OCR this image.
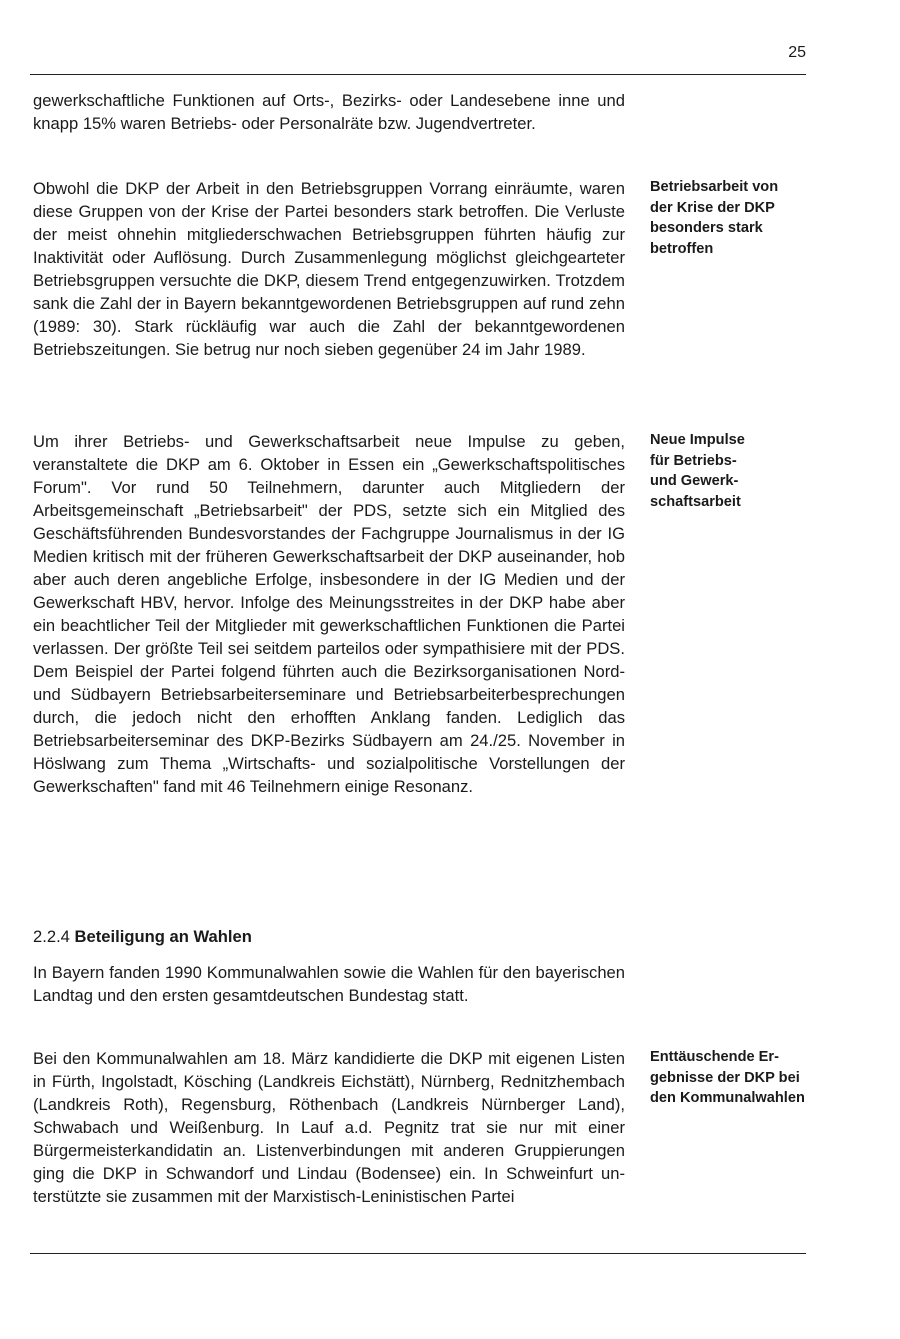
25

gewerkschaftliche Funktionen auf Orts-, Bezirks- oder Landesebene inne und knapp 15% waren Betriebs- oder Personalräte bzw. Jugendvertreter.

Obwohl die DKP der Arbeit in den Betriebsgruppen Vorrang einräumte, waren diese Gruppen von der Krise der Partei besonders stark betroffen. Die Verluste der meist ohnehin mitgliederschwachen Betriebsgruppen führten häufig zur Inaktivität oder Auflösung. Durch Zusammenlegung möglichst gleichgearteter Betriebsgruppen versuchte die DKP, diesem Trend entgegenzuwirken. Trotzdem sank die Zahl der in Bayern bekanntgewordenen Betriebsgruppen auf rund zehn (1989: 30). Stark rückläufig war auch die Zahl der bekanntgewordenen Betriebszeitungen. Sie betrug nur noch sieben gegenüber 24 im Jahr 1989.

Betriebsarbeit von der Krise der DKP besonders stark betroffen

Um ihrer Betriebs- und Gewerkschaftsarbeit neue Impulse zu geben, veranstaltete die DKP am 6. Oktober in Essen ein „Gewerkschaftspolitisches Forum". Vor rund 50 Teilnehmern, darunter auch Mitgliedern der Arbeitsgemeinschaft „Betriebsarbeit" der PDS, setzte sich ein Mitglied des Geschäftsführenden Bundesvorstandes der Fachgruppe Journalismus in der IG Medien kritisch mit der früheren Gewerkschaftsarbeit der DKP auseinander, hob aber auch deren angebliche Erfolge, insbesondere in der IG Medien und der Gewerkschaft HBV, hervor. Infolge des Meinungsstreites in der DKP habe aber ein beachtlicher Teil der Mitglieder mit gewerkschaftlichen Funktionen die Partei verlassen. Der größte Teil sei seitdem parteilos oder sympathisiere mit der PDS. Dem Beispiel der Partei folgend führten auch die Bezirksorganisationen Nord- und Südbayern Betriebsarbeiterseminare und Betriebsarbeiterbesprechungen durch, die jedoch nicht den erhofften Anklang fanden. Lediglich das Betriebsarbeiterseminar des DKP-Bezirks Südbayern am 24./25. November in Höslwang zum Thema „Wirtschafts- und sozialpolitische Vorstellungen der Gewerkschaften" fand mit 46 Teilnehmern einige Resonanz.

Neue Impulse für Betriebs- und Gewerkschaftsarbeit

2.2.4 Beteiligung an Wahlen

In Bayern fanden 1990 Kommunalwahlen sowie die Wahlen für den bayerischen Landtag und den ersten gesamtdeutschen Bundestag statt.

Bei den Kommunalwahlen am 18. März kandidierte die DKP mit eigenen Listen in Fürth, Ingolstadt, Kösching (Landkreis Eichstätt), Nürnberg, Rednitzhembach (Landkreis Roth), Regensburg, Röthenbach (Landkreis Nürnberger Land), Schwabach und Weißenburg. In Lauf a.d. Pegnitz trat sie nur mit einer Bürgermeisterkandidatin an. Listenverbindungen mit anderen Gruppierungen ging die DKP in Schwandorf und Lindau (Bodensee) ein. In Schweinfurt unterstützte sie zusammen mit der Marxistisch-Leninistischen Partei

Enttäuschende Ergebnisse der DKP bei den Kommunalwahlen
